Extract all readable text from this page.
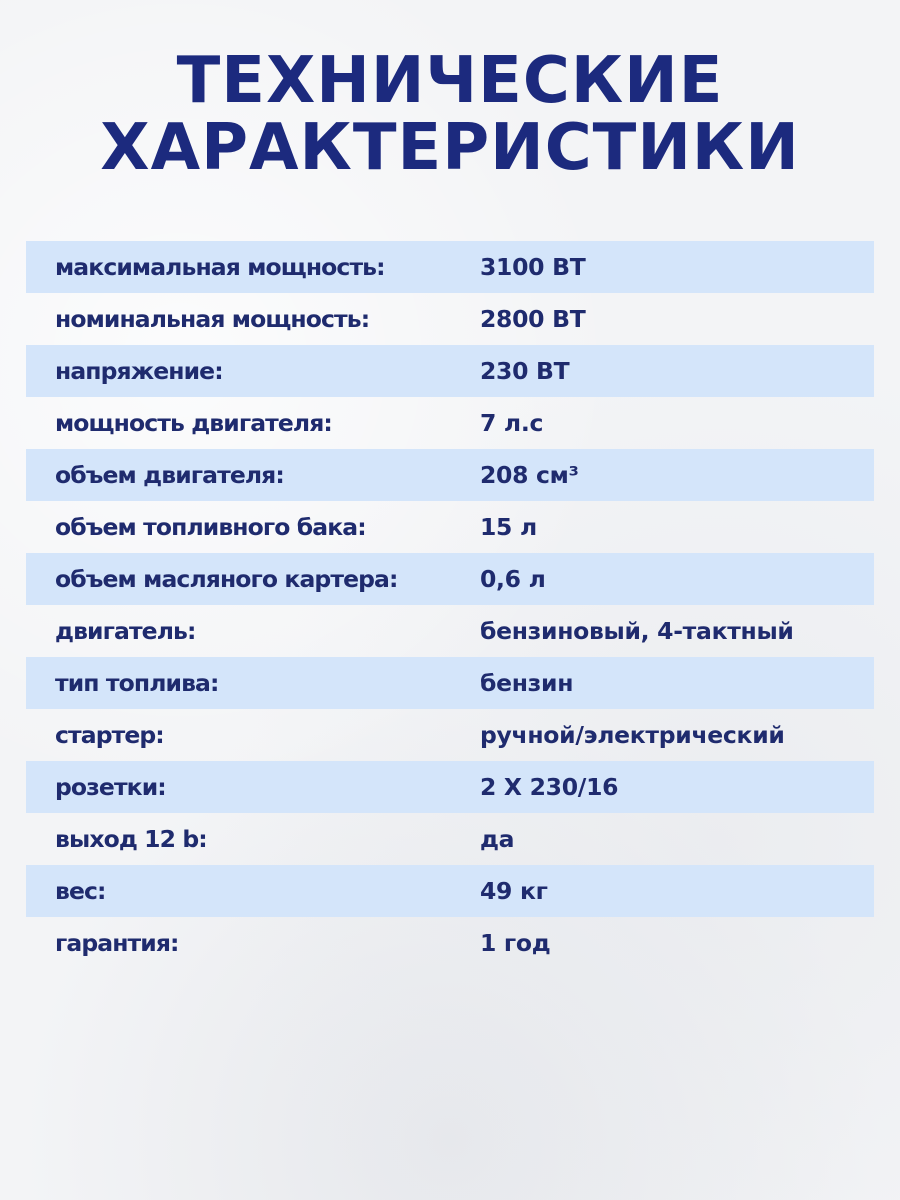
ТЕХНИЧЕСКИЕ
ХАРАКТЕРИСТИКИ
максимальная мощность:	3100 ВТ
номинальная мощность:	2800 ВТ
напряжение:	230 ВТ
мощность двигателя:	7 л.с
объем двигателя:	208 см³
объем топливного бака:	15 л
объем масляного картера:	0,6 л
двигатель:	бензиновый, 4-тактный
тип топлива:	бензин
стартер:	ручной/электрический
розетки:	2 Х 230/16
выход 12 b:	да
вес:	49 кг
гарантия:	1 год
